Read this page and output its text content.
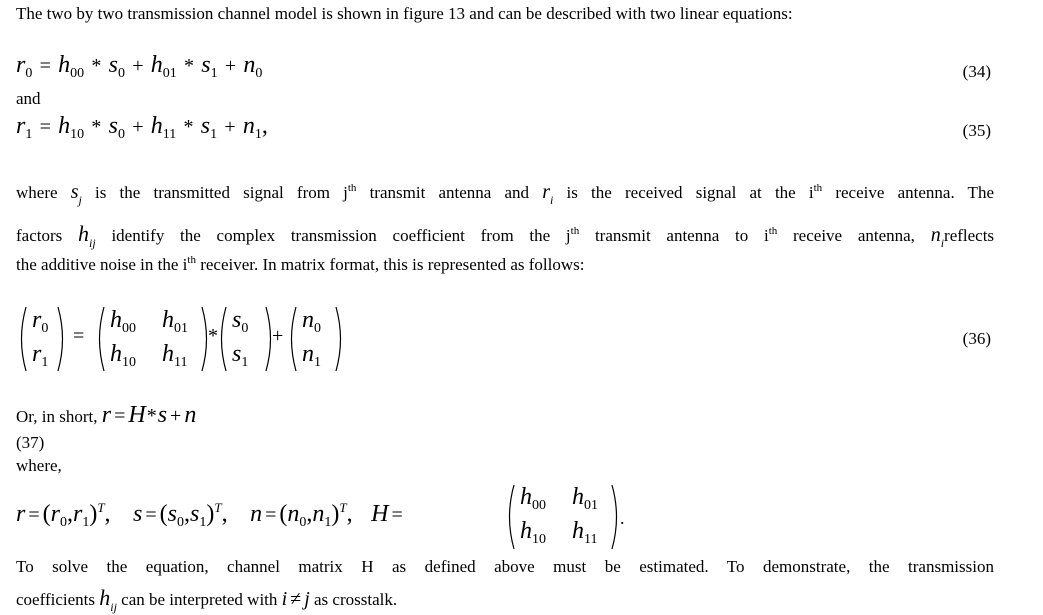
The two by two transmission channel model is shown in figure 13 and can be described with two linear equations:
$r_0 = h_{00} * s_0 + h_{01} * s_1 + n_0$	(34)
and
$r_1 = h_{10} * s_0 + h_{11} * s_1 + n_1$,	(35)
where $s_j$ is the transmitted signal from $j^{th}$ transmit antenna and $r_i$ is the received signal at the $i^{th}$ receive antenna. The
factors $h_{ij}$ identify the complex transmission coefficient from the $j^{th}$ transmit antenna to $i^{th}$ receive antenna, $n_ireflects$
the additive noise in the $i^{th}$ receiver. In matrix format, this is represented as follows:
$r_0$
$r_1$
=
$h_{00}$ $h_{01}$
$h_{10}$ $h_{11}$
*
$s_0$
$s_1$
+
$n_0$
$n_1$
(36)
Or, in short, r = H*s + n
(37)
where,
$r = (r_0,r_1)^T$, $s = (s_0,s_1)^T$, $n = (n_0,n_1)^T$, H =
$h_{00}$ $h_{01}$
$h_{10}$ $h_{11}$
.
To solve the equation, channel matrix H as defined above must be estimated. To demonstrate, the transmission
coefficients $h_{ij}$ can be interpreted with i ≠ j as crosstalk.
